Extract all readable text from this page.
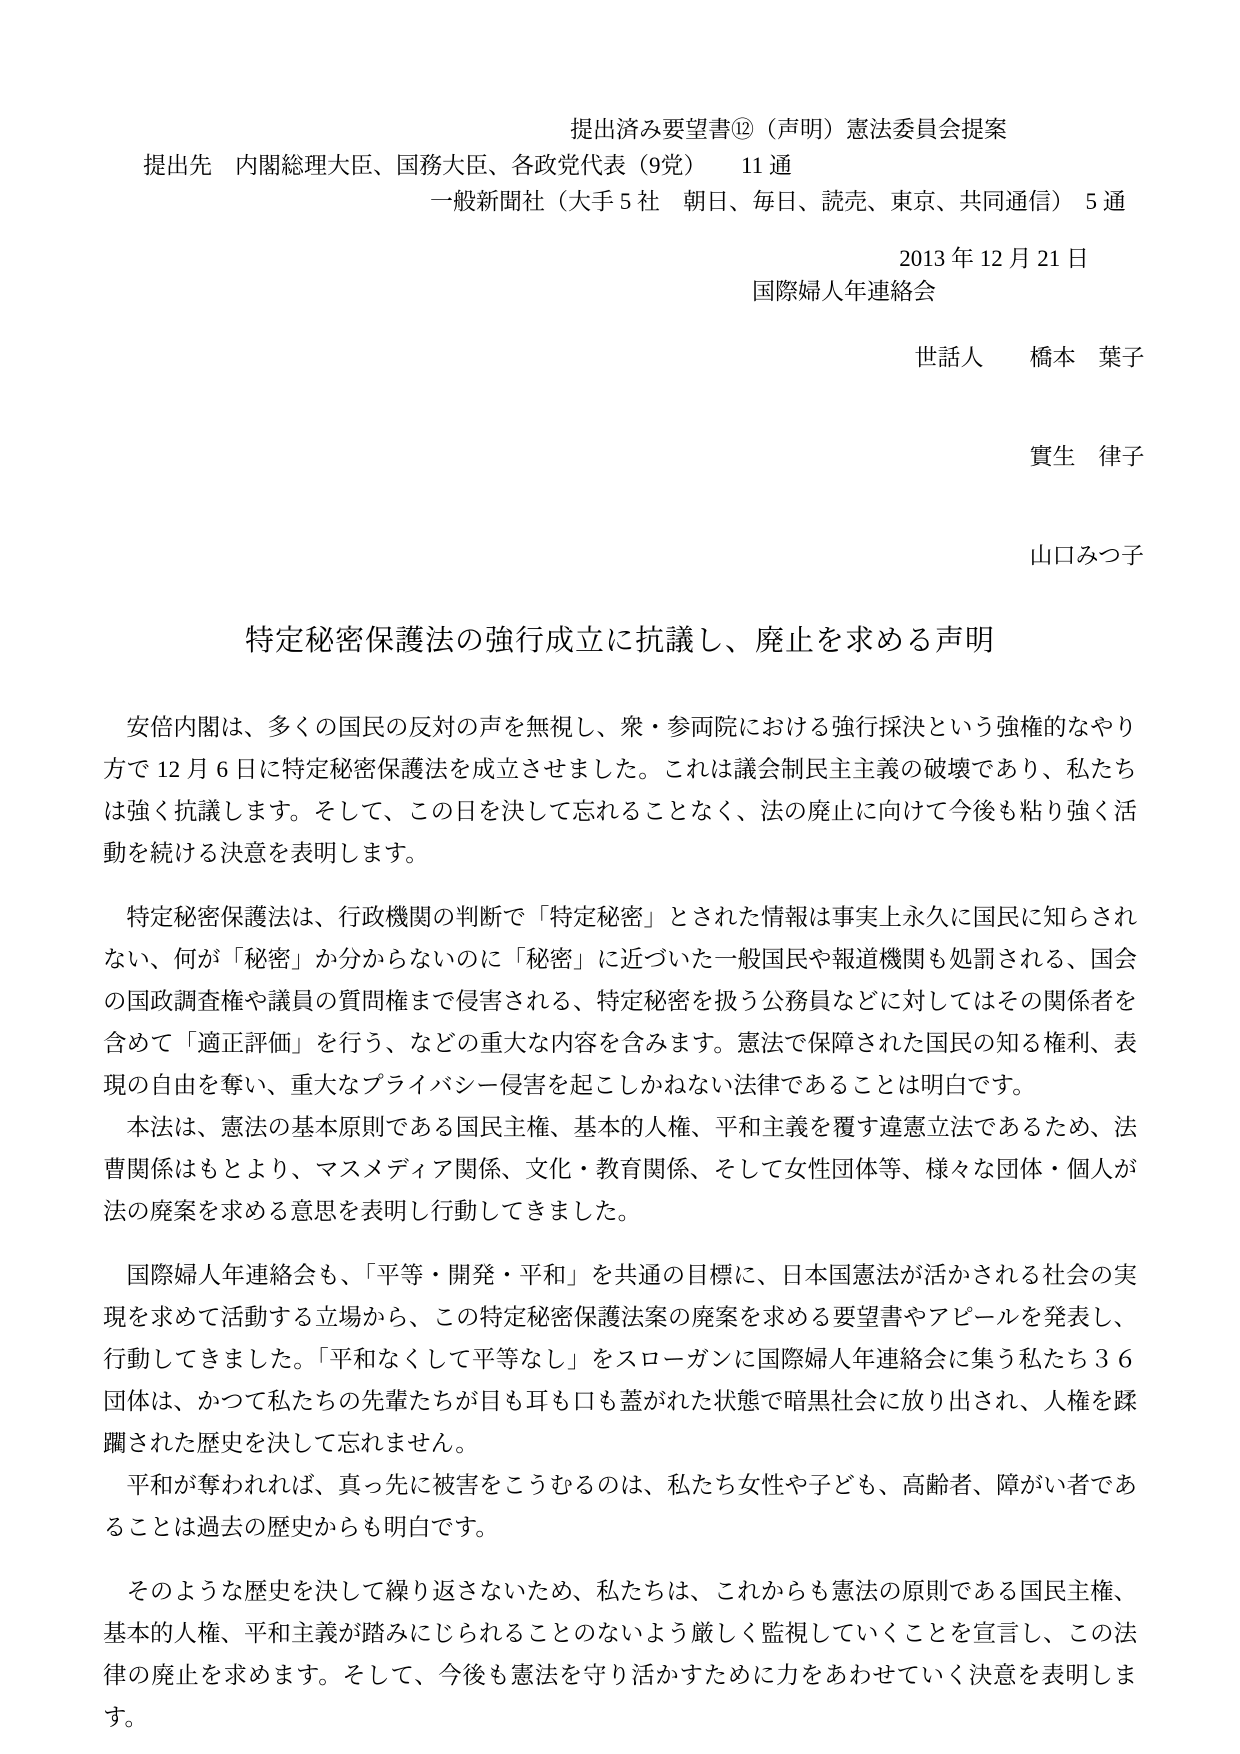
提出済み要望書⑫（声明）憲法委員会提案
提出先　内閣総理大臣、国務大臣、各政党代表（9党）　　11 通
一般新聞社（大手 5 社　朝日、毎日、読売、東京、共同通信）　5 通
2013 年 12 月 21 日
国際婦人年連絡会

世話人 橋本　葉子

實生　律子

山口みつ子

特定秘密保護法の強行成立に抗議し、廃止を求める声明

安倍内閣は、多くの国民の反対の声を無視し、衆・参両院における強行採決という強権的なやり方で 12 月 6 日に特定秘密保護法を成立させました。これは議会制民主主義の破壊であり、私たちは強く抗議します。そして、この日を決して忘れることなく、法の廃止に向けて今後も粘り強く活動を続ける決意を表明します。

特定秘密保護法は、行政機関の判断で「特定秘密」とされた情報は事実上永久に国民に知らされない、何が「秘密」か分からないのに「秘密」に近づいた一般国民や報道機関も処罰される、国会の国政調査権や議員の質問権まで侵害される、特定秘密を扱う公務員などに対してはその関係者を含めて「適正評価」を行う、などの重大な内容を含みます。憲法で保障された国民の知る権利、表現の自由を奪い、重大なプライバシー侵害を起こしかねない法律であることは明白です。

本法は、憲法の基本原則である国民主権、基本的人権、平和主義を覆す違憲立法であるため、法曹関係はもとより、マスメディア関係、文化・教育関係、そして女性団体等、様々な団体・個人が法の廃案を求める意思を表明し行動してきました。

国際婦人年連絡会も、「平等・開発・平和」を共通の目標に、日本国憲法が活かされる社会の実現を求めて活動する立場から、この特定秘密保護法案の廃案を求める要望書やアピールを発表し、行動してきました。「平和なくして平等なし」をスローガンに国際婦人年連絡会に集う私たち３６団体は、かつて私たちの先輩たちが目も耳も口も蓋がれた状態で暗黒社会に放り出され、人権を蹂躙された歴史を決して忘れません。

平和が奪われれば、真っ先に被害をこうむるのは、私たち女性や子ども、高齢者、障がい者であることは過去の歴史からも明白です。

そのような歴史を決して繰り返さないため、私たちは、これからも憲法の原則である国民主権、基本的人権、平和主義が踏みにじられることのないよう厳しく監視していくことを宣言し、この法律の廃止を求めます。そして、今後も憲法を守り活かすために力をあわせていく決意を表明します。
